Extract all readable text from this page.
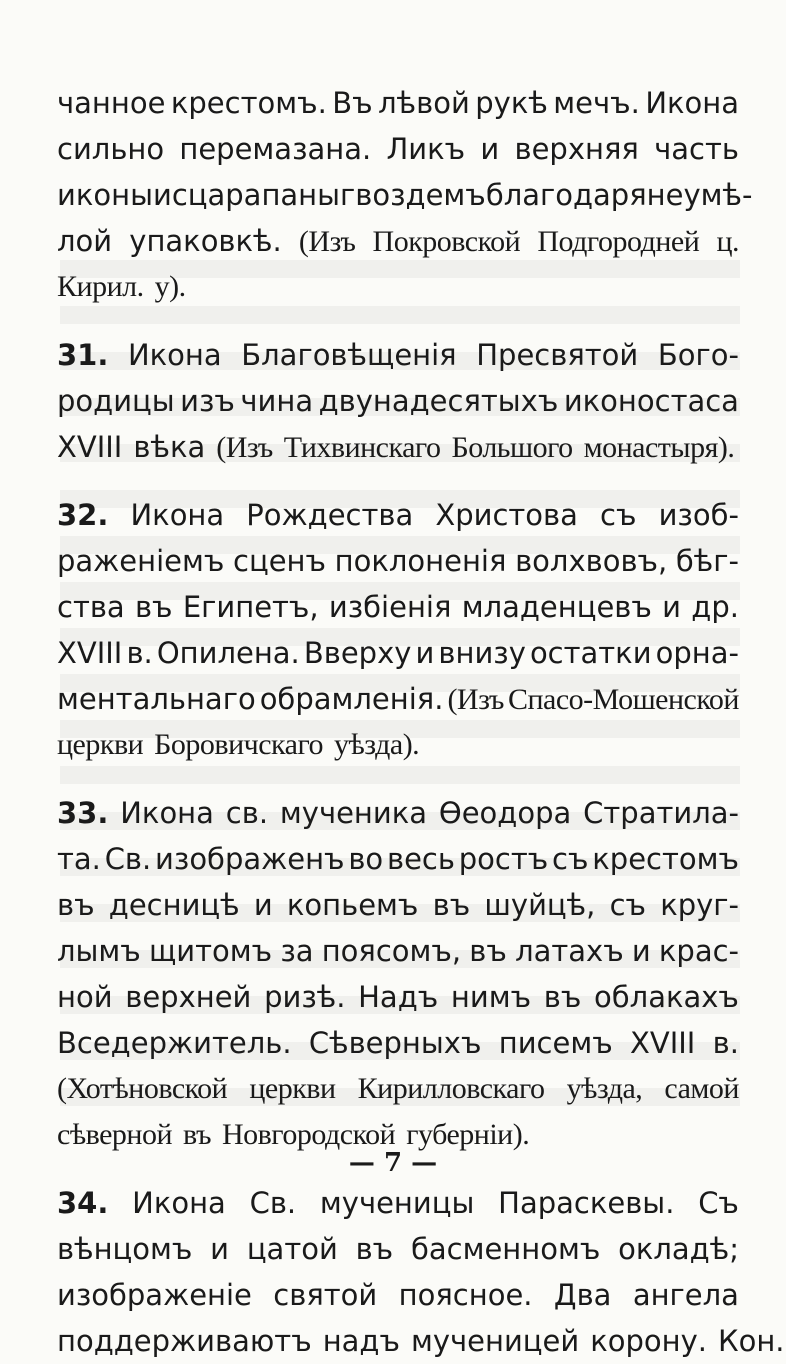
чанное крестомъ. Въ лѣвой рукѣ мечъ. Икона
сильно перемазана. Ликъ и верхняя часть
иконы исцарапаны гвоздемъ благодаря неумѣ-
лой упаковкѣ. (Изъ Покровской Подгородней ц.
Кирил. у).
31. Икона Благовѣщенія Пресвятой Бого-
родицы изъ чина двунадесятыхъ иконостаса
XVIII вѣка (Изъ Тихвинскаго Большого монастыря).
32. Икона Рождества Христова съ изоб-
раженіемъ сценъ поклоненія волхвовъ, бѣг-
ства въ Египетъ, избіенія младенцевъ и др.
XVIII в. Опилена. Вверху и внизу остатки орна-
ментальнаго обрамленія. (Изъ Спасо-Мошенской
церкви Боровичскаго уѣзда).
33. Икона св. мученика Ѳеодора Стратила-
та. Св. изображенъ во весь ростъ съ крестомъ
въ десницѣ и копьемъ въ шуйцѣ, съ круг-
лымъ щитомъ за поясомъ, въ латахъ и крас-
ной верхней ризѣ. Надъ нимъ въ облакахъ
Вседержитель. Сѣверныхъ писемъ XVIII в.
(Хотѣновской церкви Кирилловскаго уѣзда, самой
сѣверной въ Новгородской губерніи).
34. Икона Св. мученицы Параскевы. Съ
вѣнцомъ и цатой въ басменномъ окладѣ;
изображеніе святой поясное. Два ангела
поддерживаютъ надъ мученицей корону. Кон.
— 7 —
